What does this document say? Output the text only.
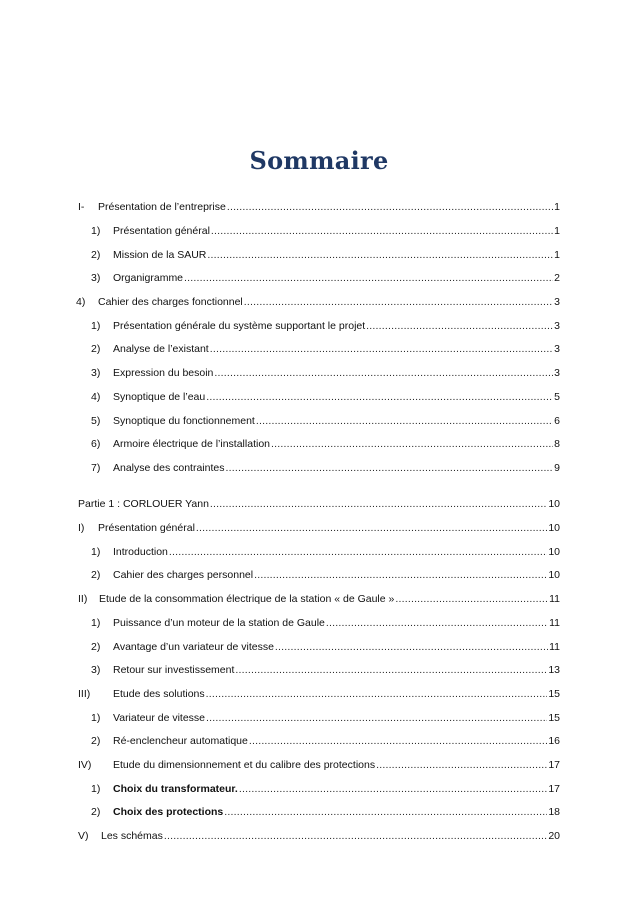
Sommaire
I-	Présentation de l’entreprise .....	1
1)	Présentation général .....	1
2)	Mission de la SAUR .....	1
3)	Organigramme .....	2
4)	Cahier des charges fonctionnel .....	3
1)	Présentation générale du système supportant le projet .....	3
2)	Analyse de l’existant .....	3
3)	Expression du besoin .....	3
4)	Synoptique de l’eau .....	5
5)	Synoptique du fonctionnement .....	6
6)	Armoire électrique de l’installation .....	8
7)	Analyse des contraintes .....	9
Partie 1 : CORLOUER Yann .....	10
I)	Présentation général .....	10
1)	Introduction .....	10
2)	Cahier des charges personnel .....	10
II)	Etude de la consommation électrique de la station « de Gaule » .....	11
1)	Puissance d’un moteur de la station de Gaule .....	11
2)	Avantage d’un variateur de vitesse .....	11
3)	Retour sur investissement .....	13
III)	Etude des solutions .....	15
1)	Variateur de vitesse .....	15
2)	Ré-enclencheur automatique .....	16
IV)	Etude du dimensionnement et du calibre des protections .....	17
1)	Choix du transformateur. .....	17
2)	Choix des protections .....	18
V)	Les schémas .....	20
